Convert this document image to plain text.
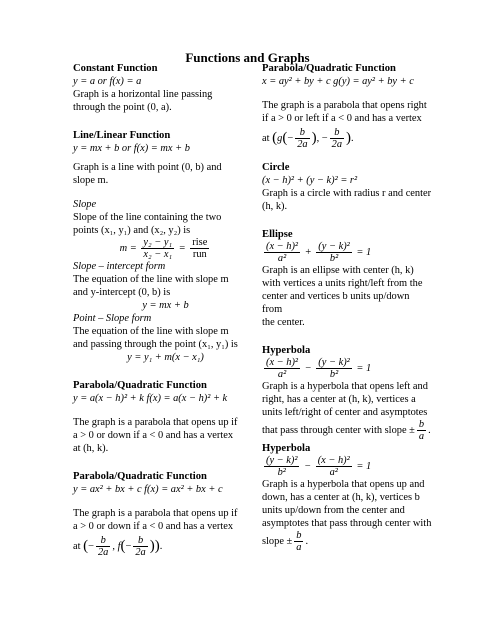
Functions and Graphs

Constant Function

y = a or f(x) = a

Graph is a horizontal line passing

through the point (0, a).

Line/Linear Function

y = mx + b or f(x) = mx + b

Graph is a line with point (0, b) and

slope m.

Slope

Slope of the line containing the two

points (x₁, y₁) and (x₂, y₂) is

$m = \frac{\text{y₂ − y₁}}{\text{x₂ − x₁}}$ =
rise
run

Slope – intercept form

The equation of the line with slope m

and y-intercept (0, b) is

y = mx + b

Point – Slope form

The equation of the line with slope m

and passing through the point (x₁, y₁) is

y = y₁ + m(x − x₁)

Parabola/Quadratic Function

y = a(x − h)² + k f(x) = a(x − h)² + k

The graph is a parabola that opens up if

a > 0 or down if a < 0 and has a vertex

at (h, k).

Parabola/Quadratic Function

y = ax² + bx + c f(x) = ax² + bx + c

The graph is a parabola that opens up if

a > 0 or down if a < 0 and has a vertex

at (− $\frac{b}{2a}$ , $f(- \frac{b}{2a}$ )).

Parabola/Quadratic Function

x = ay² + by + c g(y) = ay² + by + c

The graph is a parabola that opens right

if a > 0 or left if a < 0 and has a vertex

at ($g(- \frac{b}{2a}$ ), − $\frac{b}{2a}$ ).

Circle

(x − h)² + (y − k)² = r²

Graph is a circle with radius r and center

(h, k).

Ellipse

$\frac{\text{(x − h)²}}{\text{a²}} + \frac{\text{(y − k)²}}{\text{b²}} = 1$

Graph is an ellipse with center (h, k)

with vertices a units right/left from the

center and vertices b units up/down from

the center.

Hyperbola

$\frac{\text{(x − h)²}}{\text{a²}} - \frac{\text{(y − k)²}}{\text{b²}} = 1$

Graph is a hyperbola that opens left and

right, has a center at (h, k), vertices a

units left/right of center and asymptotes

that pass through center with slope ± $\frac{b}{a}$ .

Hyperbola

$\frac{\text{(y − k)²}}{\text{b²}} - \frac{\text{(x − h)²}}{\text{a²}} = 1$

Graph is a hyperbola that opens up and

down, has a center at (h, k), vertices b

units up/down from the center and

asymptotes that pass through center with

slope ± $\frac{b}{a}$ .
